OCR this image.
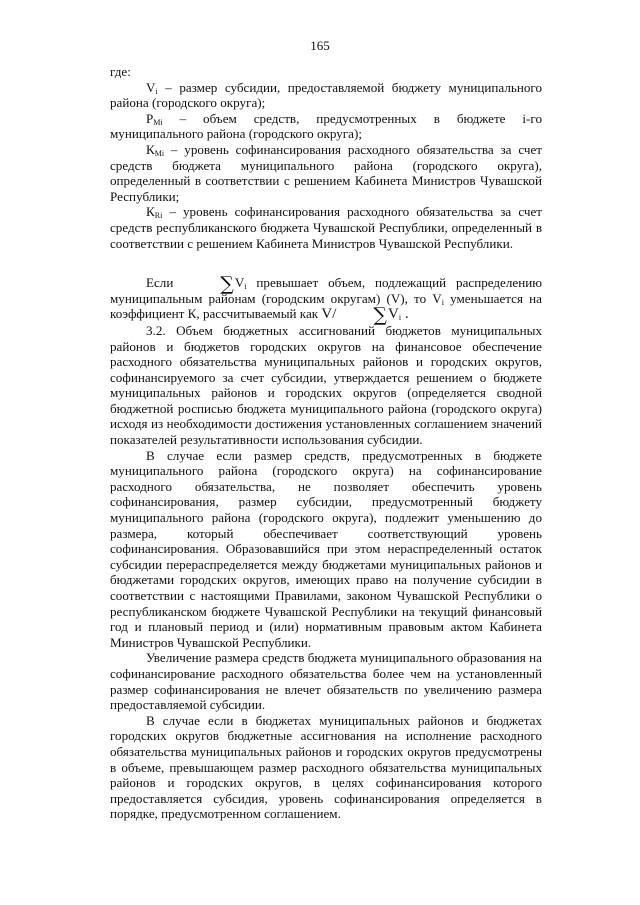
165

где:

$V_i$ – размер субсидии, предоставляемой бюджету муниципального района (городского округа);

$P_{Mi}$ – объем средств, предусмотренных в бюджете i-го муниципального района (городского округа);

$К_{Mi}$ – уровень софинансирования расходного обязательства за счет средств бюджета муниципального района (городского округа), определенный в соответствии с решением Кабинета Министров Чувашской Республики;

$К_{Ri}$ – уровень софинансирования расходного обязательства за счет средств республиканского бюджета Чувашской Республики, определенный в соответствии с решением Кабинета Министров Чувашской Республики.

Если $\sum V_i$ превышает объем, подлежащий распределению муниципальным районам (городским округам) (V), то $V_i$ уменьшается на коэффициент К, рассчитываемый как V/ $\sum V_i$ .

3.2. Объем бюджетных ассигнований бюджетов муниципальных районов и бюджетов городских округов на финансовое обеспечение расходного обязательства муниципальных районов и городских округов, софинансируемого за счет субсидии, утверждается решением о бюджете муниципальных районов и городских округов (определяется сводной бюджетной росписью бюджета муниципального района (городского округа) исходя из необходимости достижения установленных соглашением значений показателей результативности использования субсидии.

В случае если размер средств, предусмотренных в бюджете муниципального района (городского округа) на софинансирование расходного обязательства, не позволяет обеспечить уровень софинансирования, размер субсидии, предусмотренный бюджету муниципального района (городского округа), подлежит уменьшению до размера, который обеспечивает соответствующий уровень софинансирования. Образовавшийся при этом нераспределенный остаток субсидии перераспределяется между бюджетами муниципальных районов и бюджетами городских округов, имеющих право на получение субсидии в соответствии с настоящими Правилами, законом Чувашской Республики о республиканском бюджете Чувашской Республики на текущий финансовый год и плановый период и (или) нормативным правовым актом Кабинета Министров Чувашской Республики.

Увеличение размера средств бюджета муниципального образования на софинансирование расходного обязательства более чем на установленный размер софинансирования не влечет обязательств по увеличению размера предоставляемой субсидии.

В случае если в бюджетах муниципальных районов и бюджетах городских округов бюджетные ассигнования на исполнение расходного обязательства муниципальных районов и городских округов предусмотрены в объеме, превышающем размер расходного обязательства муниципальных районов и городских округов, в целях софинансирования которого предоставляется субсидия, уровень софинансирования определяется в порядке, предусмотренном соглашением.
